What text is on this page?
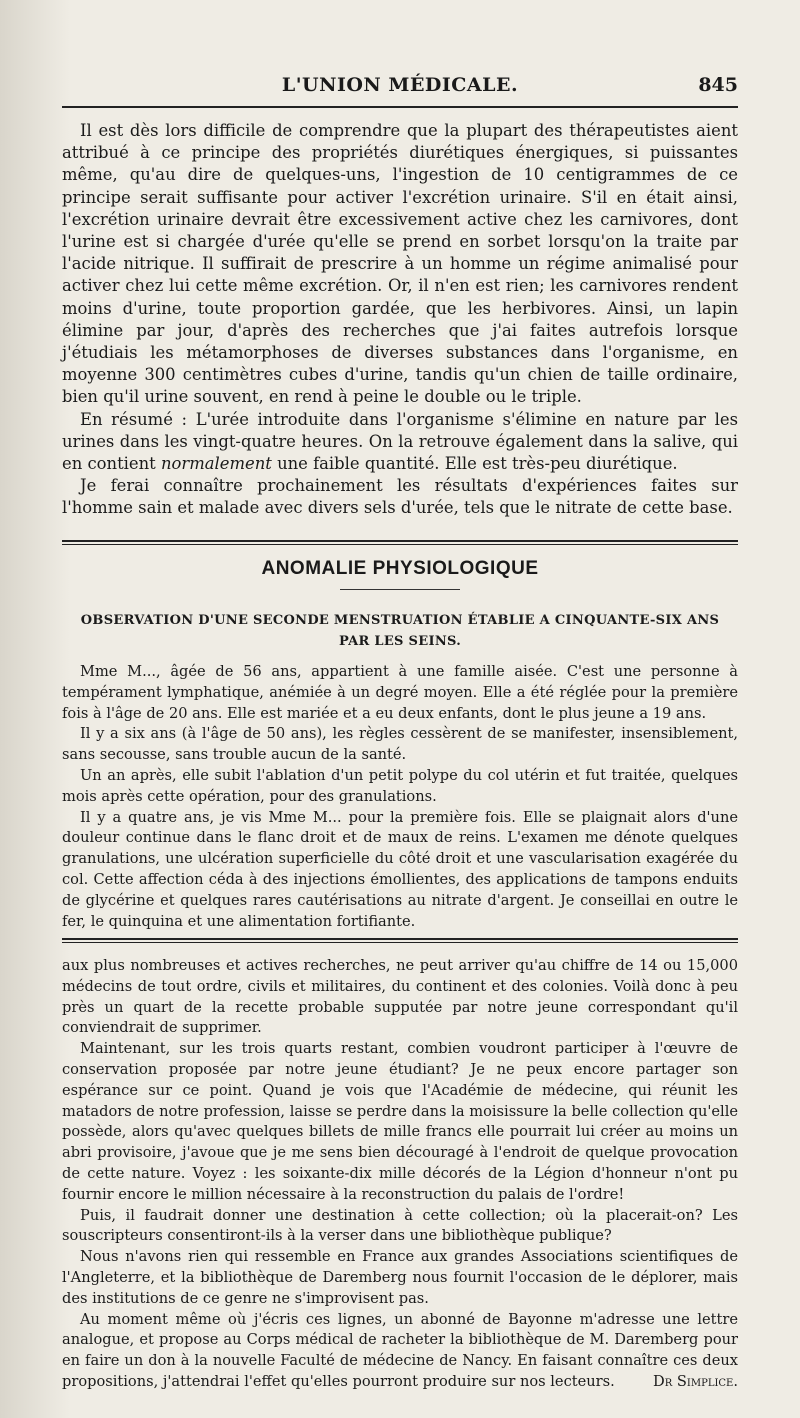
L'UNION MÉDICALE.	845

Il est dès lors difficile de comprendre que la plupart des thérapeutistes aient attribué à ce principe des propriétés diurétiques énergiques, si puissantes même, qu'au dire de quelques-uns, l'ingestion de 10 centigrammes de ce principe serait suffisante pour activer l'excrétion urinaire. S'il en était ainsi, l'excrétion urinaire devrait être excessivement active chez les carnivores, dont l'urine est si chargée d'urée qu'elle se prend en sorbet lorsqu'on la traite par l'acide nitrique. Il suffirait de prescrire à un homme un régime animalisé pour activer chez lui cette même excrétion. Or, il n'en est rien; les carnivores rendent moins d'urine, toute proportion gardée, que les herbivores. Ainsi, un lapin élimine par jour, d'après des recherches que j'ai faites autrefois lorsque j'étudiais les métamorphoses de diverses substances dans l'organisme, en moyenne 300 centimètres cubes d'urine, tandis qu'un chien de taille ordinaire, bien qu'il urine souvent, en rend à peine le double ou le triple.

En résumé : L'urée introduite dans l'organisme s'élimine en nature par les urines dans les vingt-quatre heures. On la retrouve également dans la salive, qui en contient normalement une faible quantité. Elle est très-peu diurétique.

Je ferai connaître prochainement les résultats d'expériences faites sur l'homme sain et malade avec divers sels d'urée, tels que le nitrate de cette base.

ANOMALIE PHYSIOLOGIQUE
OBSERVATION D'UNE SECONDE MENSTRUATION ÉTABLIE A CINQUANTE-SIX ANS
PAR LES SEINS.

Mme M..., âgée de 56 ans, appartient à une famille aisée. C'est une personne à tempérament lymphatique, anémiée à un degré moyen. Elle a été réglée pour la première fois à l'âge de 20 ans. Elle est mariée et a eu deux enfants, dont le plus jeune a 19 ans.

Il y a six ans (à l'âge de 50 ans), les règles cessèrent de se manifester, insensiblement, sans secousse, sans trouble aucun de la santé.

Un an après, elle subit l'ablation d'un petit polype du col utérin et fut traitée, quelques mois après cette opération, pour des granulations.

Il y a quatre ans, je vis Mme M... pour la première fois. Elle se plaignait alors d'une douleur continue dans le flanc droit et de maux de reins. L'examen me dénote quelques granulations, une ulcération superficielle du côté droit et une vascularisation exagérée du col. Cette affection céda à des injections émollientes, des applications de tampons enduits de glycérine et quelques rares cautérisations au nitrate d'argent. Je conseillai en outre le fer, le quinquina et une alimentation fortifiante.

aux plus nombreuses et actives recherches, ne peut arriver qu'au chiffre de 14 ou 15,000 médecins de tout ordre, civils et militaires, du continent et des colonies. Voilà donc à peu près un quart de la recette probable supputée par notre jeune correspondant qu'il conviendrait de supprimer.

Maintenant, sur les trois quarts restant, combien voudront participer à l'œuvre de conservation proposée par notre jeune étudiant? Je ne peux encore partager son espérance sur ce point. Quand je vois que l'Académie de médecine, qui réunit les matadors de notre profession, laisse se perdre dans la moisissure la belle collection qu'elle possède, alors qu'avec quelques billets de mille francs elle pourrait lui créer au moins un abri provisoire, j'avoue que je me sens bien découragé à l'endroit de quelque provocation de cette nature. Voyez : les soixante-dix mille décorés de la Légion d'honneur n'ont pu fournir encore le million nécessaire à la reconstruction du palais de l'ordre!

Puis, il faudrait donner une destination à cette collection; où la placerait-on? Les souscripteurs consentiront-ils à la verser dans une bibliothèque publique?

Nous n'avons rien qui ressemble en France aux grandes Associations scientifiques de l'Angleterre, et la bibliothèque de Daremberg nous fournit l'occasion de le déplorer, mais des institutions de ce genre ne s'improvisent pas.

Au moment même où j'écris ces lignes, un abonné de Bayonne m'adresse une lettre analogue, et propose au Corps médical de racheter la bibliothèque de M. Daremberg pour en faire un don à la nouvelle Faculté de médecine de Nancy. En faisant connaître ces deux propositions, j'attendrai l'effet qu'elles pourront produire sur nos lecteurs.	Dr Simplice.
